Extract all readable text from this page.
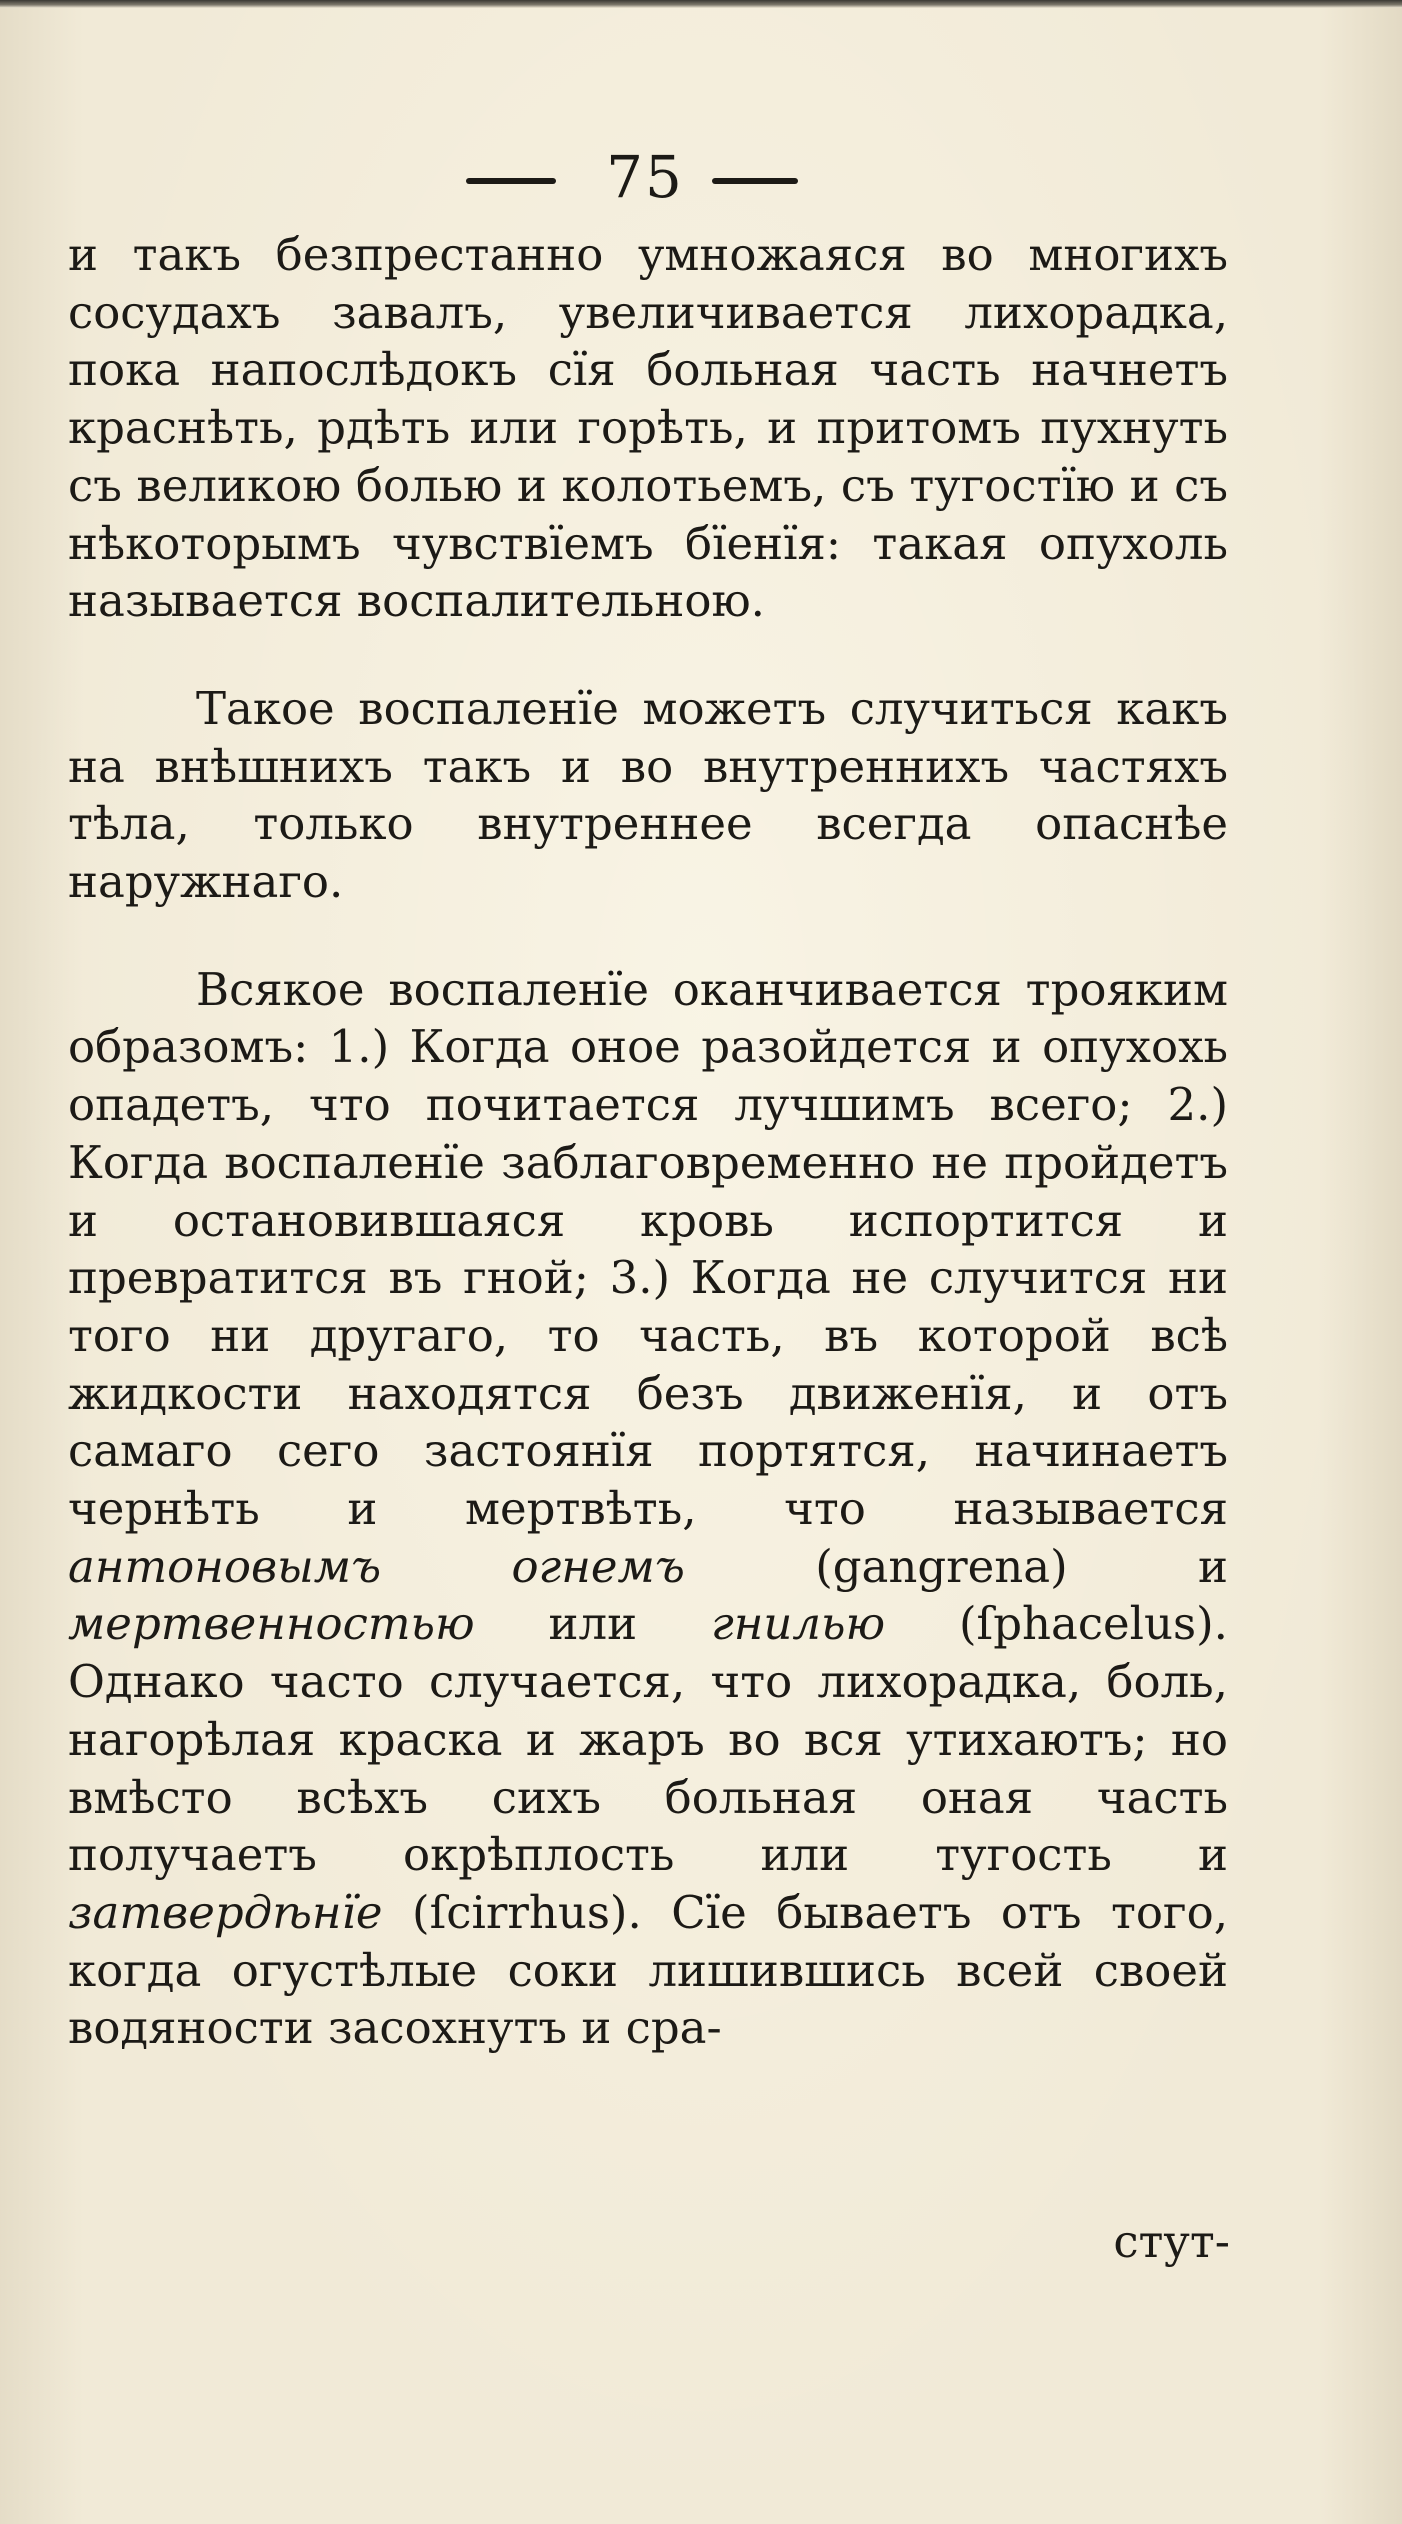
75

и такъ безпрестанно умножаяся во многихъ сосудахъ завалъ, увеличивается лихорадка, пока напослѣдокъ сїя больная часть начнетъ краснѣть, рдѣть или горѣть, и притомъ пухнуть съ великою болью и колотьемъ, съ тугостїю и съ нѣкоторымъ чувствїемъ бїенїя: такая опухоль называется воспалительною.

Такое воспаленїе можетъ случиться какъ на внѣшнихъ такъ и во внутреннихъ частяхъ тѣла, только внутреннее всегда опаснѣе наружнаго.

Всякое воспаленїе оканчивается трояким образомъ: 1.) Когда оное разойдется и опухохь опадетъ, что почитается лучшимъ всего; 2.) Когда воспаленїе заблаговременно не пройдетъ и остановившаяся кровь испортится и превратится въ гной; 3.) Когда не случится ни того ни другаго, то часть, въ которой всѣ жидкости находятся безъ движенїя, и отъ самаго сего застоянїя портятся, начинаетъ чернѣть и мертвѣть, что называется антоновымъ огнемъ (gangrena) и мертвенностью или гнилью (ſphacelus). Однако часто случается, что лихорадка, боль, нагорѣлая краска и жаръ во вся утихаютъ; но вмѣсто всѣхъ сихъ больная оная часть получаетъ окрѣплость или тугость и затвердѣнїе (ſcirrhus). Сїе бываетъ отъ того, когда огустѣлые соки лишившись всей своей водяности засохнутъ и сра-

стут-
